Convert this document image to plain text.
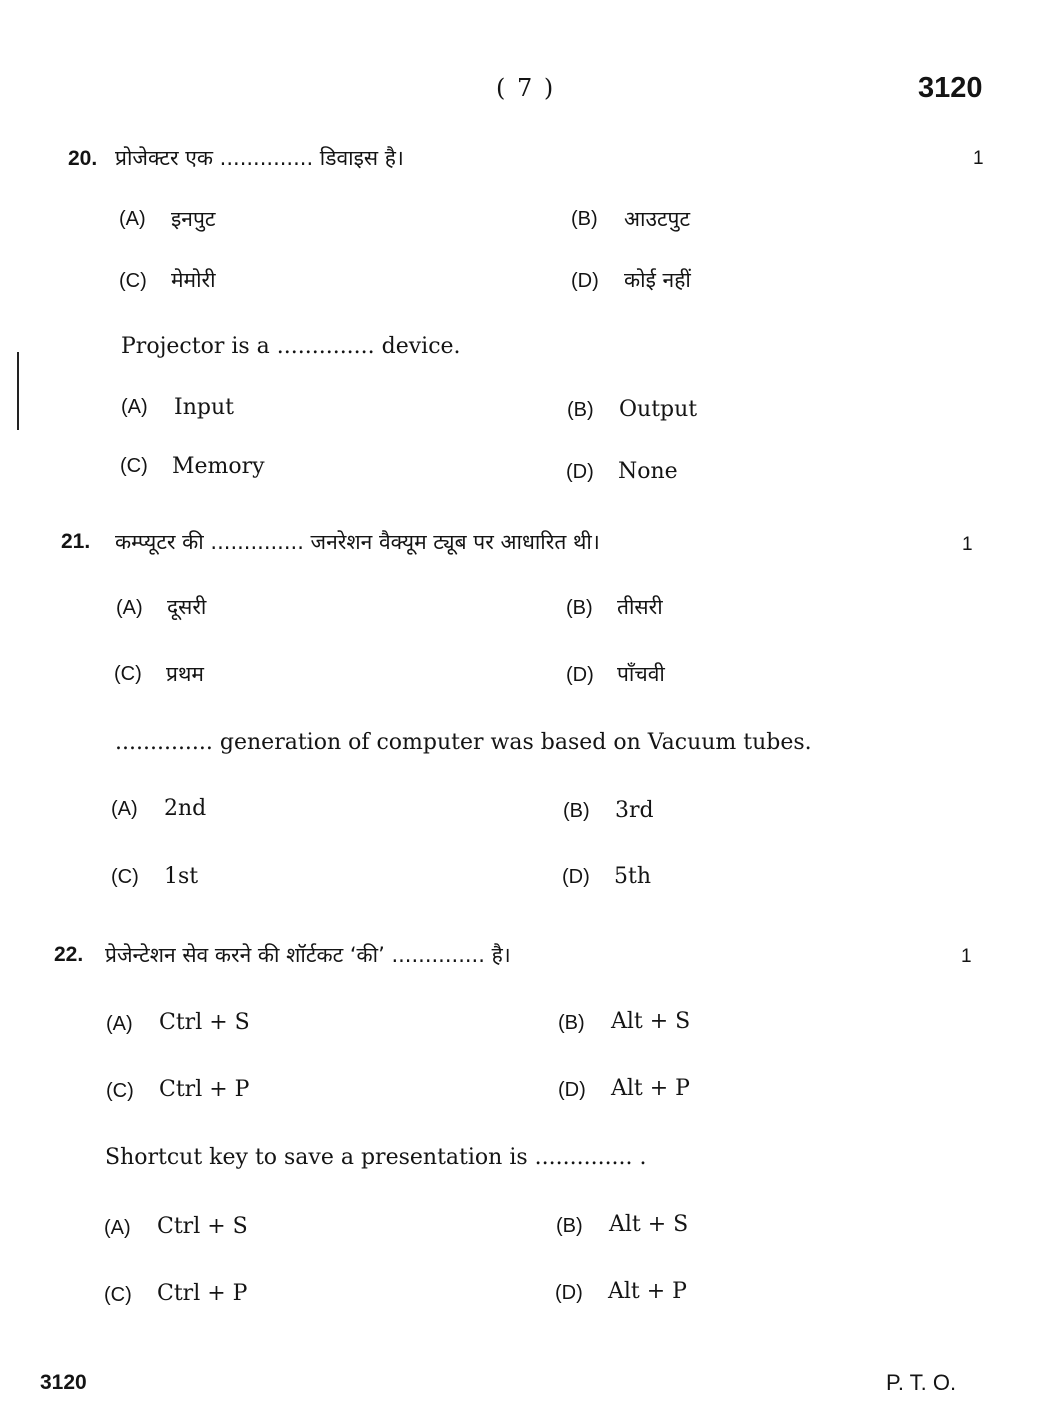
( 7 )	3120
20. प्रोजेक्टर एक .............. डिवाइस है।	1
(A) इनपुट	(B) आउटपुट
(C) मेमोरी	(D) कोई नहीं
Projector is a .............. device.
(A) Input	(B) Output
(C) Memory	(D) None
21. कम्प्यूटर की .............. जनरेशन वैक्यूम ट्यूब पर आधारित थी।	1
(A) दूसरी	(B) तीसरी
(C) प्रथम	(D) पाँचवी
.............. generation of computer was based on Vacuum tubes.
(A) 2nd	(B) 3rd
(C) 1st	(D) 5th
22. प्रेजेन्टेशन सेव करने की शॉर्टकट ‘की’ .............. है।	1
(A) Ctrl + S	(B) Alt + S
(C) Ctrl + P	(D) Alt + P
Shortcut key to save a presentation is .............. .
(A) Ctrl + S	(B) Alt + S
(C) Ctrl + P	(D) Alt + P
3120	P. T. O.
